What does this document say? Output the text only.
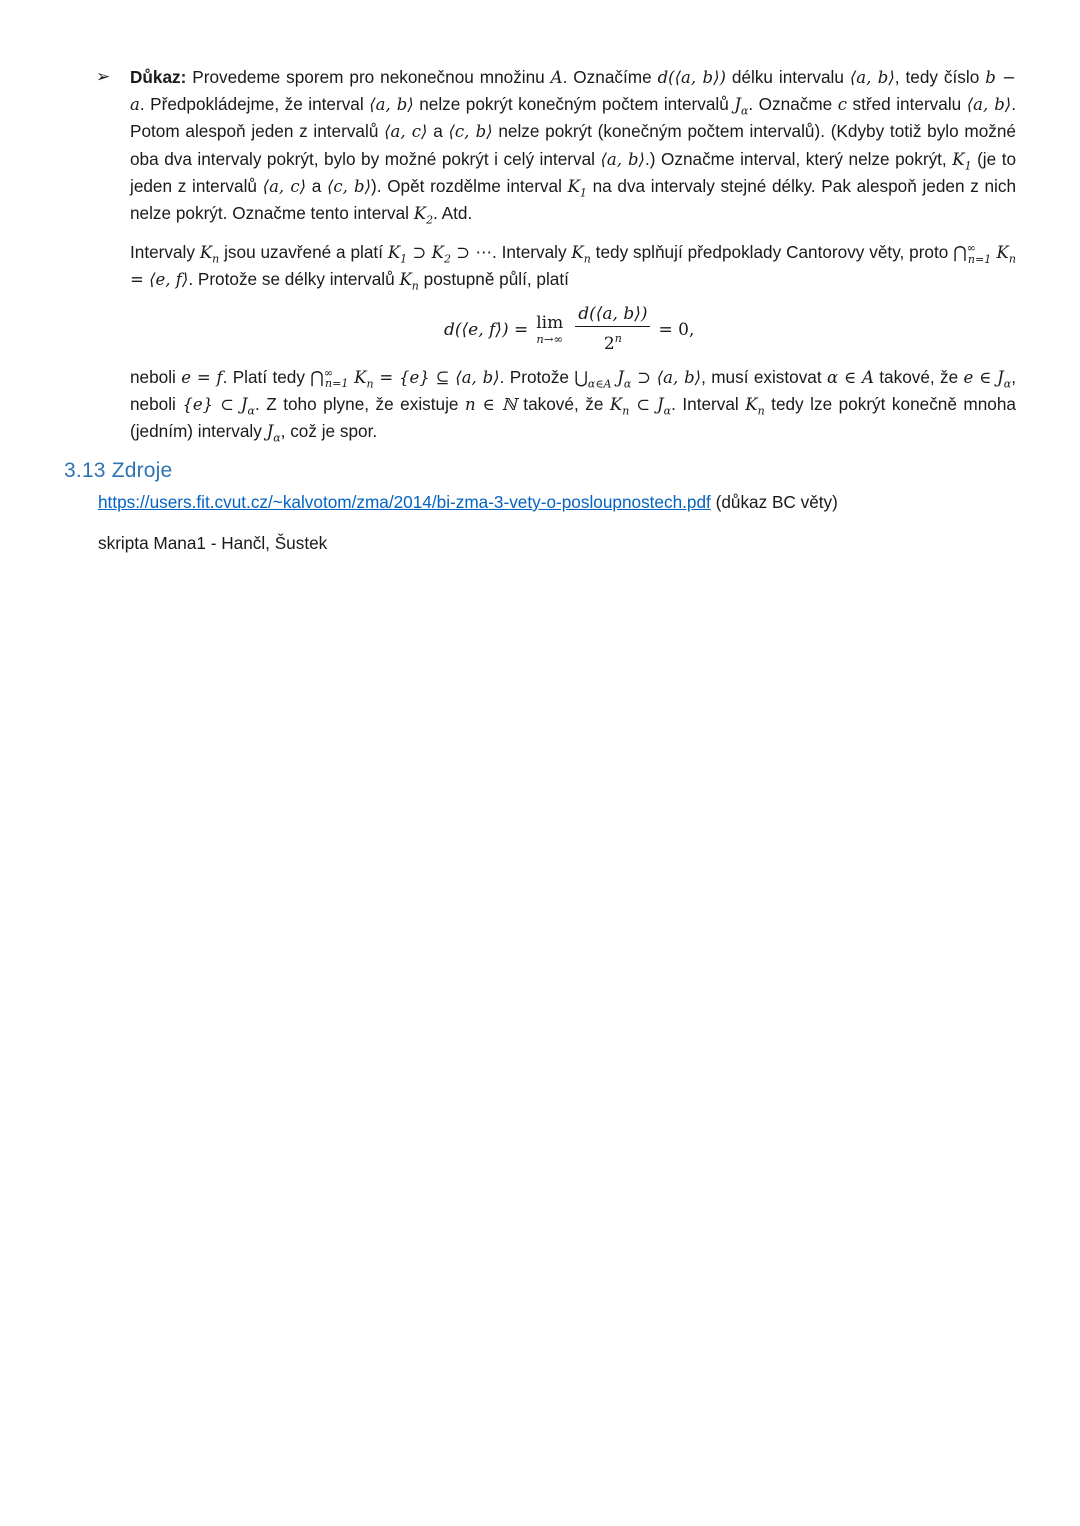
➢ Důkaz: Provedeme sporem pro nekonečnou množinu A. Označíme d(⟨a, b⟩) délku intervalu ⟨a, b⟩, tedy číslo b − a. Předpokládejme, že interval ⟨a, b⟩ nelze pokrýt konečným počtem intervalů $J_\alpha$. Označme c střed intervalu ⟨a, b⟩. Potom alespoň jeden z intervalů ⟨a, c⟩ a ⟨c, b⟩ nelze pokrýt (konečným počtem intervalů). (Kdyby totiž bylo možné oba dva intervaly pokrýt, bylo by možné pokrýt i celý interval ⟨a, b⟩.) Označme interval, který nelze pokrýt, $K_1$ (je to jeden z intervalů ⟨a, c⟩ a ⟨c, b⟩). Opět rozdělme interval $K_1$ na dva intervaly stejné délky. Pak alespoň jeden z nich nelze pokrýt. Označme tento interval $K_2$. Atd.

Intervaly $K_n$ jsou uzavřené a platí $K_1$ ⊃ $K_2$ ⊃ ⋯. Intervaly $K_n$ tedy splňují předpoklady Cantorovy věty, proto $⋂^\infty_{n=1}$ $K_n$ = ⟨e, f⟩. Protože se délky intervalů $K_n$ postupně půlí, platí

d(⟨e, f⟩) = lim
$n\to\infty \frac{d(⟨a, b⟩)}{2^n} = 0$,

neboli e = f. Platí tedy $⋂^\infty_{n=1}$ $K_n = \{e\}$ ⊆ ⟨a, b⟩. Protože $⋃_{\alpha\in A}$ $J_\alpha$ ⊃ ⟨a, b⟩, musí existovat α ∈ A takové, že e ∈ $J_\alpha$, neboli {e} ⊂ $J_\alpha$. Z toho plyne, že existuje n ∈ ℕ takové, že $K_n$ ⊂ $J_\alpha$. Interval $K_n$ tedy lze pokrýt konečně mnoha (jedním) intervaly $J_\alpha$, což je spor.

3.13 Zdroje
https://users.fit.cvut.cz/~kalvotom/zma/2014/bi-zma-3-vety-o-posloupnostech.pdf (důkaz BC věty)
skripta Mana1 - Hančl, Šustek
